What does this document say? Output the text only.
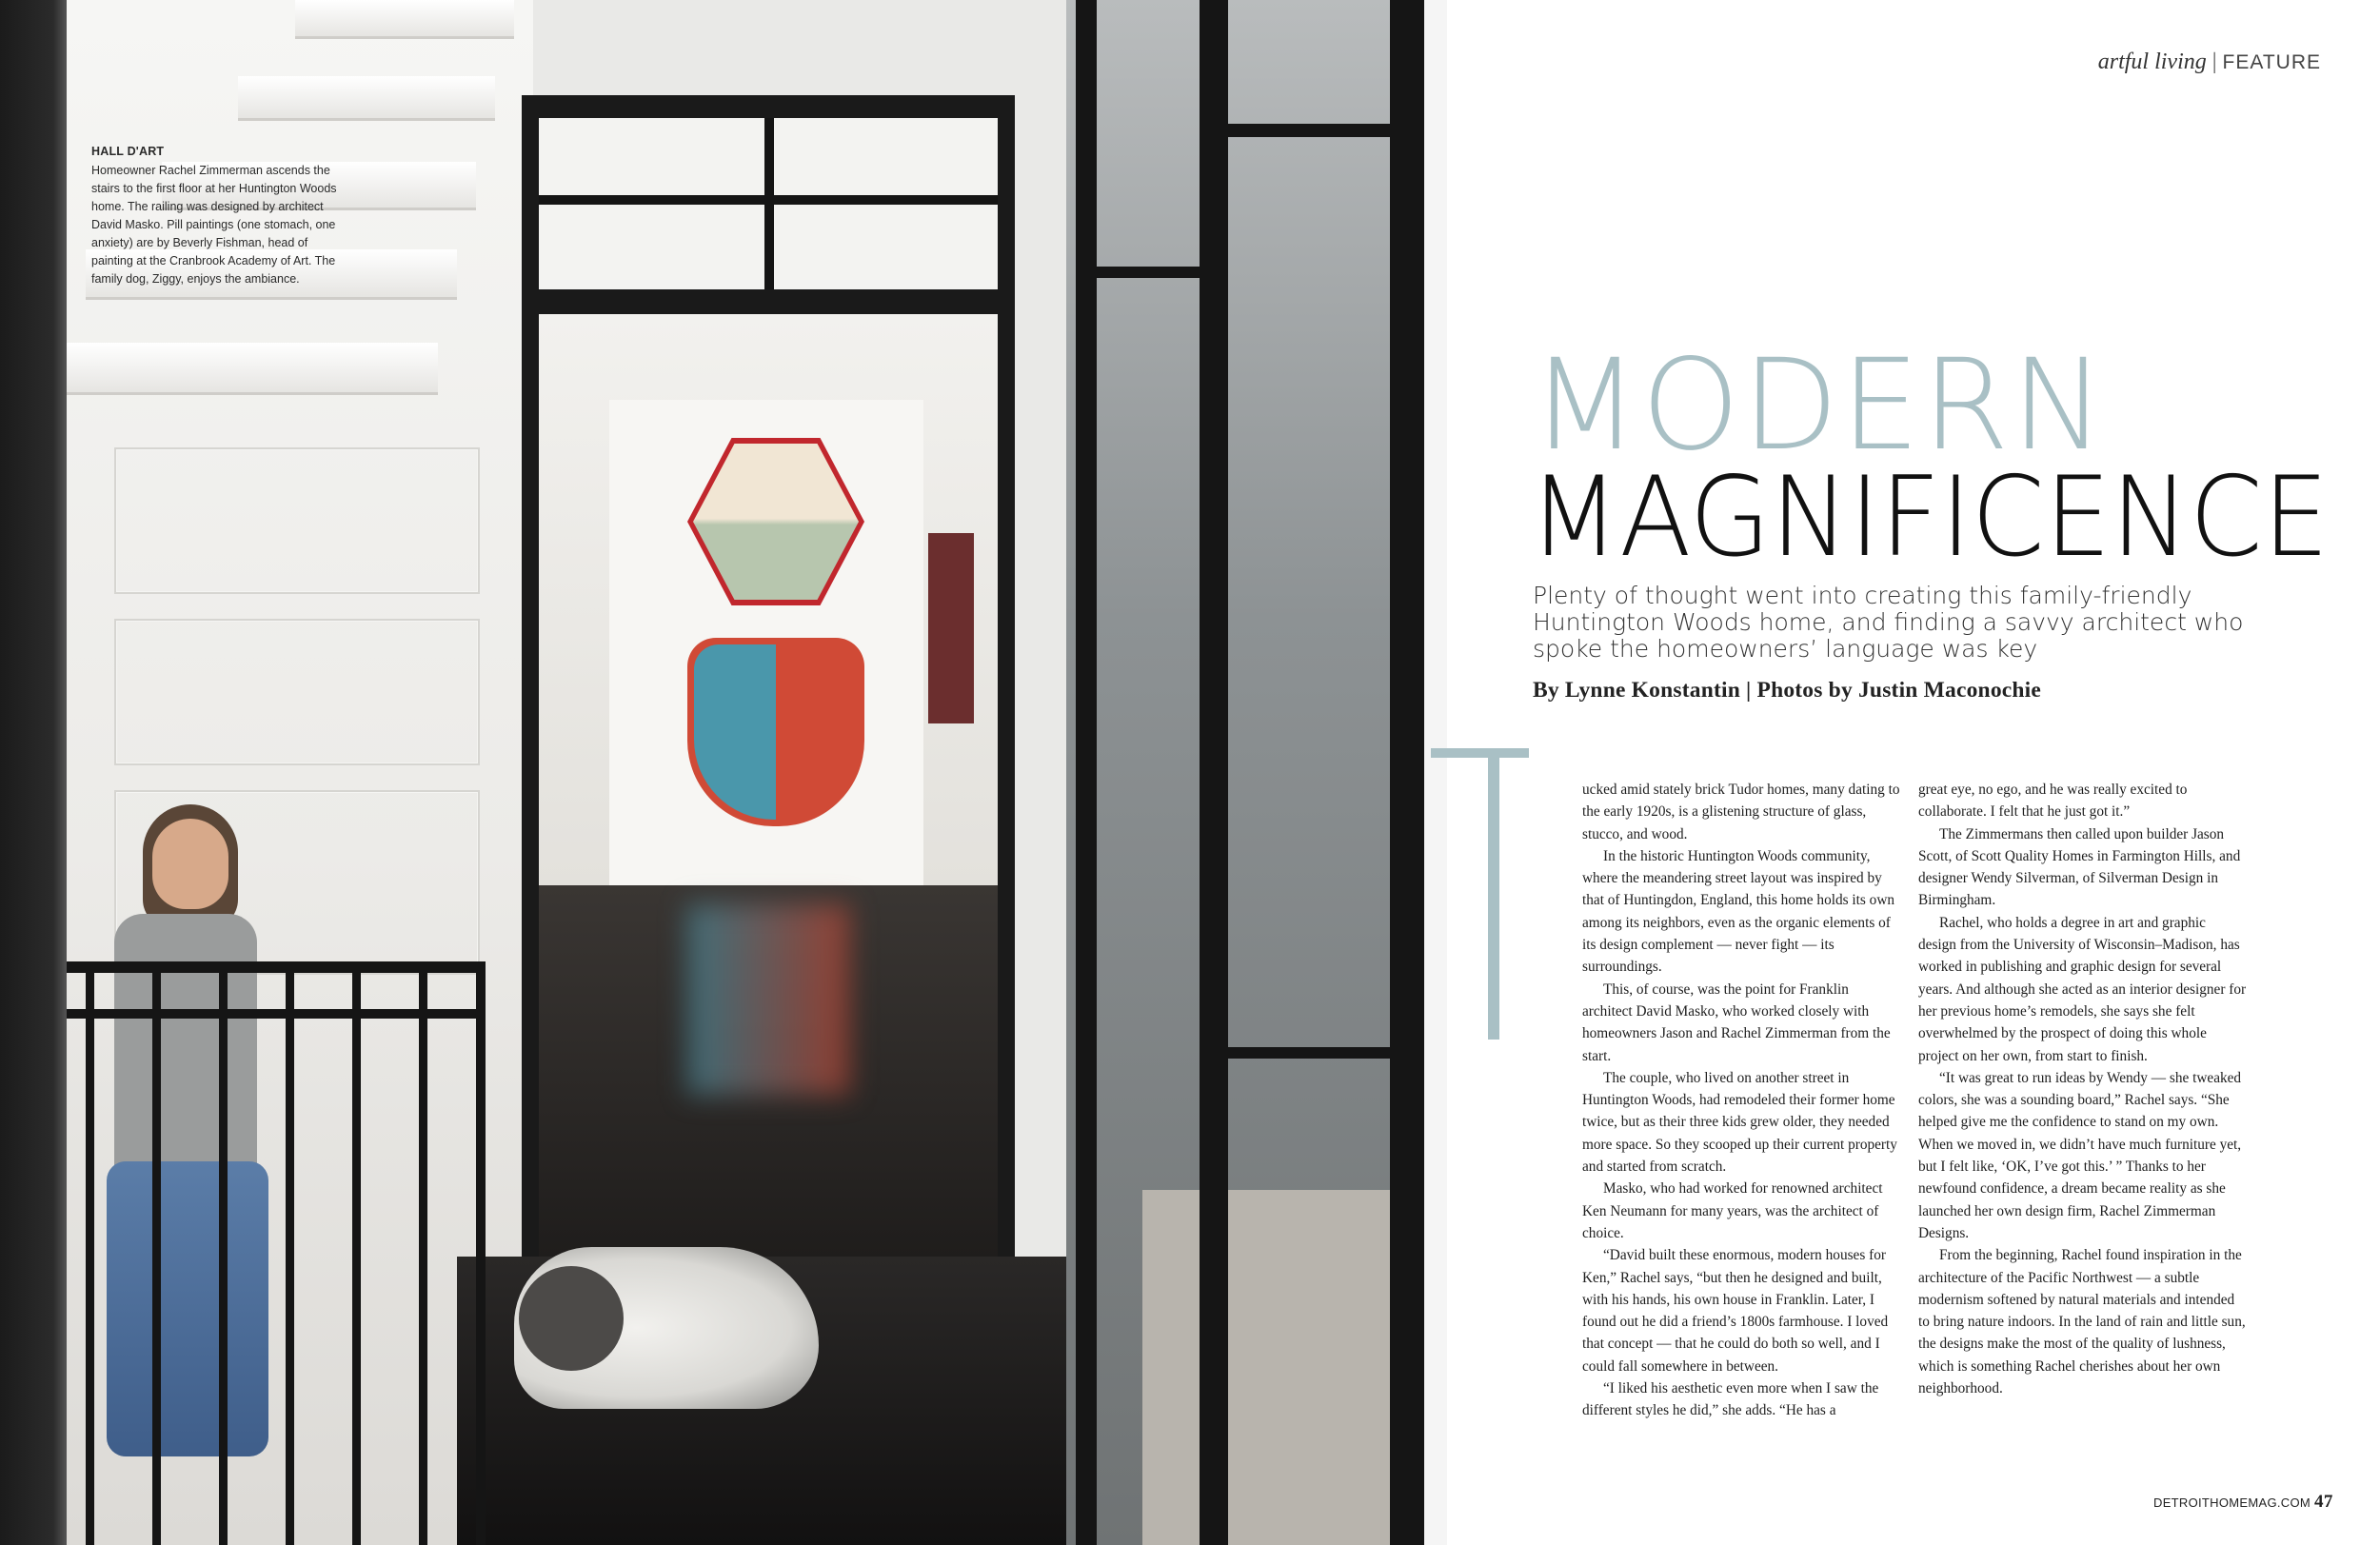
HALL D'ART
Homeowner Rachel Zimmerman ascends the stairs to the first floor at her Huntington Woods home. The railing was designed by architect David Masko. Pill paintings (one stomach, one anxiety) are by Beverly Fishman, head of painting at the Cranbrook Academy of Art. The family dog, Ziggy, enjoys the ambiance.
artful living | FEATURE
MODERN
MAGNIFICENCE
Plenty of thought went into creating this family-friendly Huntington Woods home, and finding a savvy architect who spoke the homeowners’ language was key
By Lynne Konstantin | Photos by Justin Maconochie

ucked amid stately brick Tudor homes, many dating to the early 1920s, is a glistening structure of glass, stucco, and wood.

In the historic Huntington Woods community, where the meandering street layout was inspired by that of Huntingdon, England, this home holds its own among its neighbors, even as the organic elements of its design complement — never fight — its surroundings.

This, of course, was the point for Franklin architect David Masko, who worked closely with homeowners Jason and Rachel Zimmerman from the start.

The couple, who lived on another street in Huntington Woods, had remodeled their former home twice, but as their three kids grew older, they needed more space. So they scooped up their current property and started from scratch.

Masko, who had worked for renowned architect Ken Neumann for many years, was the architect of choice.

“David built these enormous, modern houses for Ken,” Rachel says, “but then he designed and built, with his hands, his own house in Franklin. Later, I found out he did a friend’s 1800s farmhouse. I loved that concept — that he could do both so well, and I could fall somewhere in between.

“I liked his aesthetic even more when I saw the different styles he did,” she adds. “He has a

great eye, no ego, and he was really excited to collaborate. I felt that he just got it.”

The Zimmermans then called upon builder Jason Scott, of Scott Quality Homes in Farmington Hills, and designer Wendy Silverman, of Silverman Design in Birmingham.

Rachel, who holds a degree in art and graphic design from the University of Wisconsin–Madison, has worked in publishing and graphic design for several years. And although she acted as an interior designer for her previous home’s remodels, she says she felt overwhelmed by the prospect of doing this whole project on her own, from start to finish.

“It was great to run ideas by Wendy — she tweaked colors, she was a sounding board,” Rachel says. “She helped give me the confidence to stand on my own. When we moved in, we didn’t have much furniture yet, but I felt like, ‘OK, I’ve got this.’ ” Thanks to her newfound confidence, a dream became reality as she launched her own design firm, Rachel Zimmerman Designs.

From the beginning, Rachel found inspiration in the architecture of the Pacific Northwest — a subtle modernism softened by natural materials and intended to bring nature indoors. In the land of rain and little sun, the designs make the most of the quality of lushness, which is something Rachel cherishes about her own neighborhood.

DETROITHOMEMAG.COM 47
